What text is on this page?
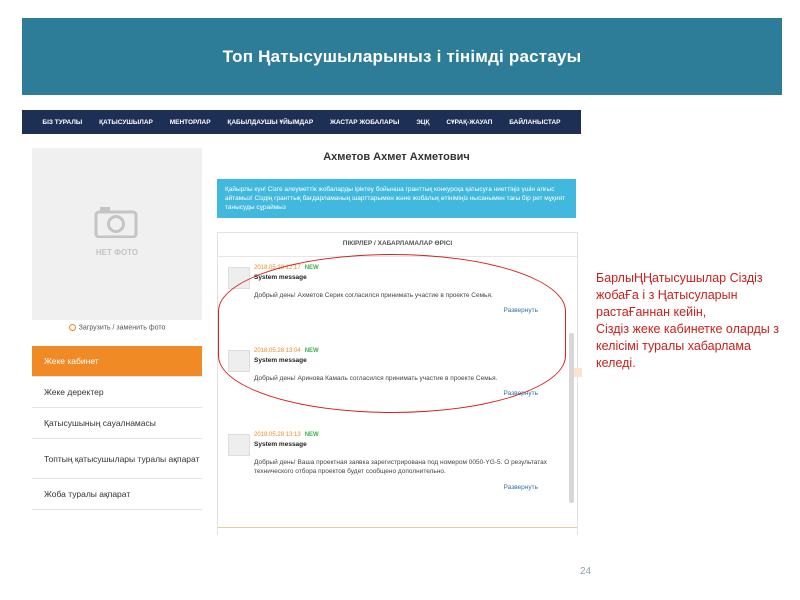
Топ Ңатысушыларыныз і тінімді растауы
БІЗ ТУРАЛЫ	ҚАТЫСУШЫЛАР	МЕНТОРЛАР	ҚАБЫЛДАУШЫ ҰЙЫМДАР	ЖАСТАР ЖОБАЛАРЫ	ЭЦҚ	СҰРАҚ-ЖАУАП	БАЙЛАНЫСТАР
НЕТ ФОТО
Загрузить / заменить фото
Жеке кабинет
Жеке деректер
Қатысушының сауалнамасы
Топтың қатысушылары туралы ақпарат
Жоба туралы ақпарат
Ахметов Ахмет Ахметович
Қайырлы күн! Сізге алеуметтік жобаларды іріктеу бойынша гранттық конкурсқа қатысуға ниеттіңіз үшін алғыс айтамыз! Сіздің гранттық бағдарламаның шарттарымен және жобалық өтініміңіз нысанымен тағы бір рет мұқият танысуды сұраймыз
ПІКІРЛЕР / ХАБАРЛАМАЛАР ӨРІСІ
2018.05.28 12:17 NEW
System message
Добрый день! Ахметов Серик согласился принимать участие в проекте Семья.
Развернуть
2018.05.28 13:04 NEW
System message
Добрый день! Аринова Камаль согласился принимать участие в проекте Семья.
Развернуть
2018.05.28 13:13 NEW
System message
Добрый день! Ваша проектная заявка зарегистрирована под номером 0050-YG-5. О результатах технического отбора проектов будет сообщено дополнительно.
Развернуть
БарлыҢҢатысушылар Сіздіз жобаҒа і з Ңатысуларын растаҒаннан кейін,
Сіздіз жеке кабинетке оларды з келісімі туралы хабарлама келеді.
24
